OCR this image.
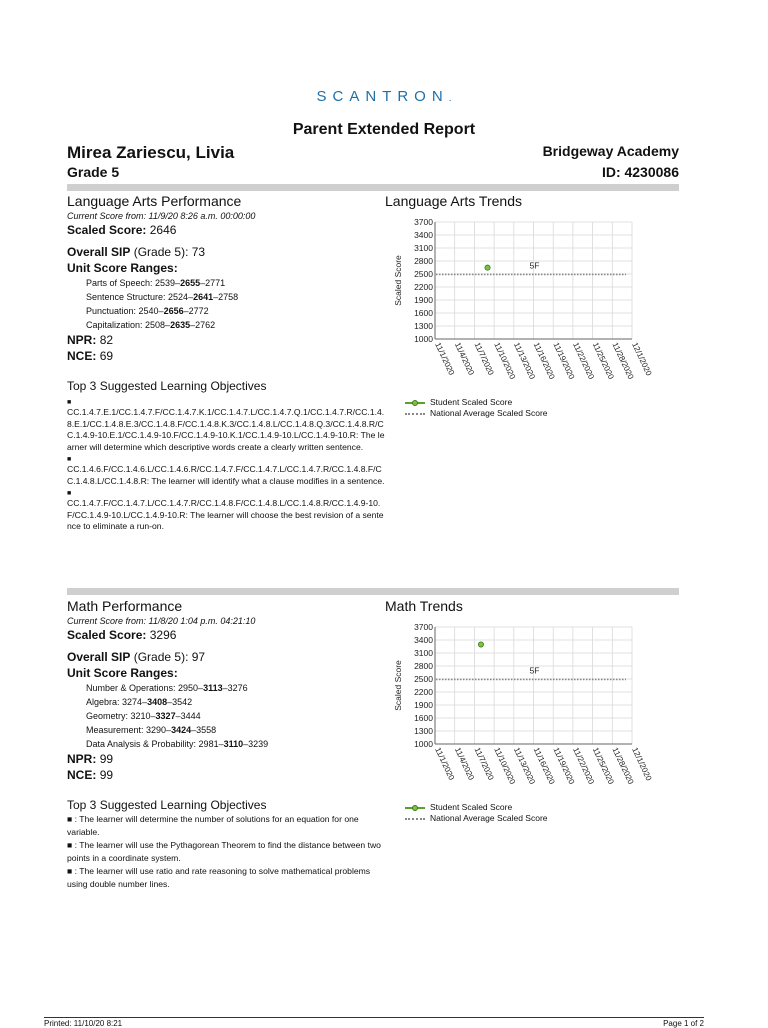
SCANTRON.
Parent Extended Report
Mirea Zariescu, Livia
Grade 5
Bridgeway Academy
ID: 4230086
Language Arts Performance
Current Score from: 11/9/20 8:26 a.m. 00:00:00
Scaled Score: 2646
Overall SIP (Grade 5): 73
Unit Score Ranges:
Parts of Speech: 2539–2655–2771
Sentence Structure: 2524–2641–2758
Punctuation: 2540–2656–2772
Capitalization: 2508–2635–2762
NPR: 82
NCE: 69
Top 3 Suggested Learning Objectives
■
CC.1.4.7.E.1/CC.1.4.7.F/CC.1.4.7.K.1/CC.1.4.7.L/CC.1.4.7.Q.1/CC.1.4.7.R/CC.1.4.8.E.1/CC.1.4.8.E.3/CC.1.4.8.F/CC.1.4.8.K.3/CC.1.4.8.L/CC.1.4.8.Q.3/CC.1.4.8.R/CC.1.4.9-10.E.1/CC.1.4.9-10.F/CC.1.4.9-10.K.1/CC.1.4.9-10.L/CC.1.4.9-10.R: The learner will determine which descriptive words create a clearly written sentence.
■
CC.1.4.6.F/CC.1.4.6.L/CC.1.4.6.R/CC.1.4.7.F/CC.1.4.7.L/CC.1.4.7.R/CC.1.4.8.F/CC.1.4.8.L/CC.1.4.8.R: The learner will identify what a clause modifies in a sentence.
■
CC.1.4.7.F/CC.1.4.7.L/CC.1.4.7.R/CC.1.4.8.F/CC.1.4.8.L/CC.1.4.8.R/CC.1.4.9-10.F/CC.1.4.9-10.L/CC.1.4.9-10.R: The learner will choose the best revision of a sentence to eliminate a run-on.
Language Arts Trends
1000
1300
1600
1900
2200
2500
2800
3100
3400
3700
11/1/2020
11/4/2020
11/7/2020
11/10/2020
11/13/2020
11/16/2020
11/19/2020
11/22/2020
11/25/2020
11/28/2020
12/1/2020
Scaled Score	5F
Student Scaled Score
National Average Scaled Score
Math Performance
Current Score from: 11/8/20 1:04 p.m. 04:21:10
Scaled Score: 3296
Overall SIP (Grade 5): 97
Unit Score Ranges:
Number & Operations: 2950–3113–3276
Algebra: 3274–3408–3542
Geometry: 3210–3327–3444
Measurement: 3290–3424–3558
Data Analysis & Probability: 2981–3110–3239
NPR: 99
NCE: 99
Top 3 Suggested Learning Objectives
■ : The learner will determine the number of solutions for an equation for one variable.
■ : The learner will use the Pythagorean Theorem to find the distance between two points in a coordinate system.
■ : The learner will use ratio and rate reasoning to solve mathematical problems using double number lines.
Math Trends
1000
1300
1600
1900
2200
2500
2800
3100
3400
3700
11/1/2020
11/4/2020
11/7/2020
11/10/2020
11/13/2020
11/16/2020
11/19/2020
11/22/2020
11/25/2020
11/28/2020
12/1/2020
Scaled Score	5F
Student Scaled Score
National Average Scaled Score
Printed: 11/10/20 8:21	Page 1 of 2
